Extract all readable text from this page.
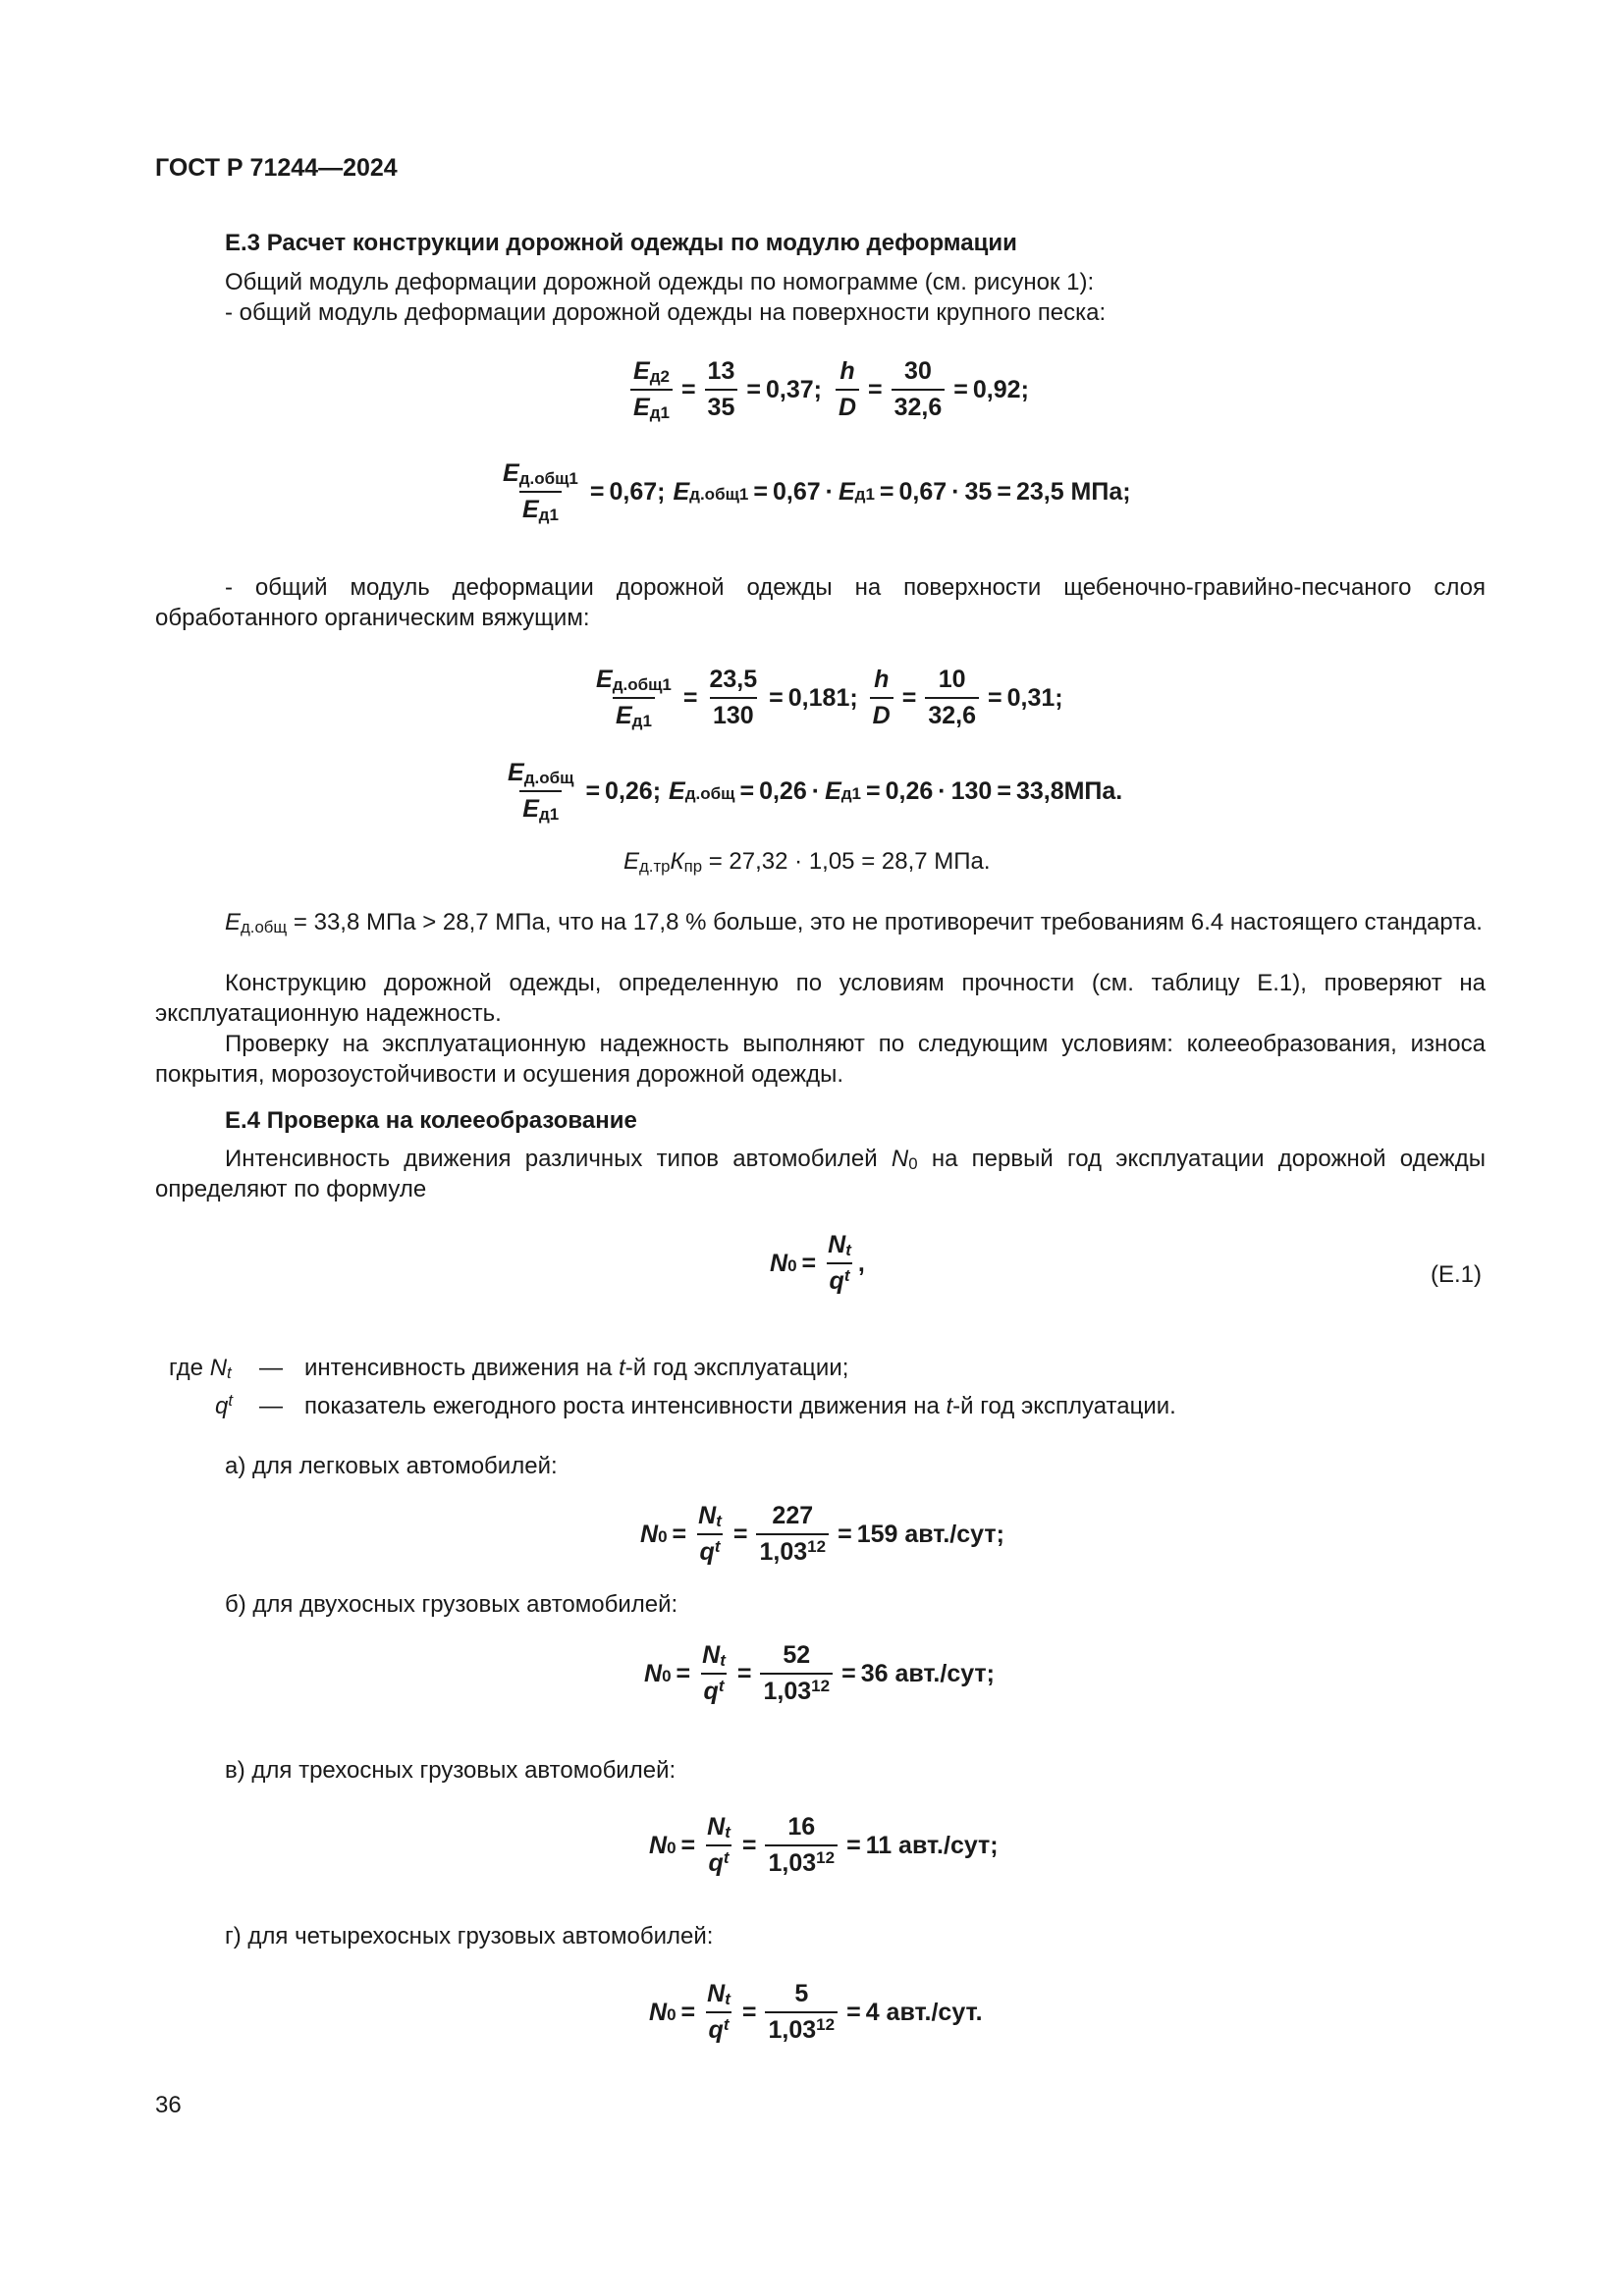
ГОСТ Р 71244—2024
Е.3 Расчет конструкции дорожной одежды по модулю деформации
Общий модуль деформации дорожной одежды по номограмме (см. рисунок 1):
- общий модуль деформации дорожной одежды на поверхности крупного песка:
$Е_{д2}$
$Е_{д1}$
= $\frac{13}{35} = 0,37$; $\frac{h}{D} = \frac{30}{32,6} = 0,92$;
$Е_{д.общ1}$
$Е_{д1}$
= 0,67; $Е_{д.общ1} = 0,67 \cdot Е_{д1} = 0,67 \cdot 35 = 23,5$ МПа;
- общий модуль деформации дорожной одежды на поверхности щебеночно-гравийно-песчаного слоя обработанного органическим вяжущим:
$Е_{д.общ1}$
$Е_{д1}$
= $\frac{23,5}{130} = 0,181$; $\frac{h}{D} = \frac{10}{32,6} = 0,31$;
$Е_{д.общ}$
$Е_{д1}$
= 0,26; $Е_{д.общ} = 0,26 \cdot Е_{д1} = 0,26 \cdot 130 = 33,8МПа$.
$Е_{д.тр}К_{пр} = 27,32 \cdot 1,05 = 28,7$ МПа.
$Е_{д.общ} = 33,8$ МПа > 28,7 МПа, что на 17,8 % больше, это не противоречит требованиям 6.4 настоящего стандарта.
Конструкцию дорожной одежды, определенную по условиям прочности (см. таблицу Е.1), проверяют на эксплуатационную надежность.
Проверку на эксплуатационную надежность выполняют по следующим условиям: колееобразования, износа покрытия, морозоустойчивости и осушения дорожной одежды.
Е.4 Проверка на колееобразование
Интенсивность движения различных типов автомобилей $N_0$ на первый год эксплуатации дорожной одежды определяют по формуле
$N_0 = \frac{N_t}{q^t}$ ,	(Е.1)
где $N_t$ — интенсивность движения на t-й год эксплуатации;
$q^t$ — показатель ежегодного роста интенсивности движения на t-й год эксплуатации.
а) для легковых автомобилей:
$N_0 = \frac{N_t}{q^t} = \frac{227}{1,03^{12}} = 159$ авт./сут;
б) для двухосных грузовых автомобилей:
$N_0 = \frac{N_t}{q^t} = \frac{52}{1,03^{12}} = 36$ авт./сут;
в) для трехосных грузовых автомобилей:
$N_0 = \frac{N_t}{q^t} = \frac{16}{1,03^{12}} = 11$ авт./сут;
г) для четырехосных грузовых автомобилей:
$N_0 = \frac{N_t}{q^t} = \frac{5}{1,03^{12}} = 4$ авт./сут.
36
